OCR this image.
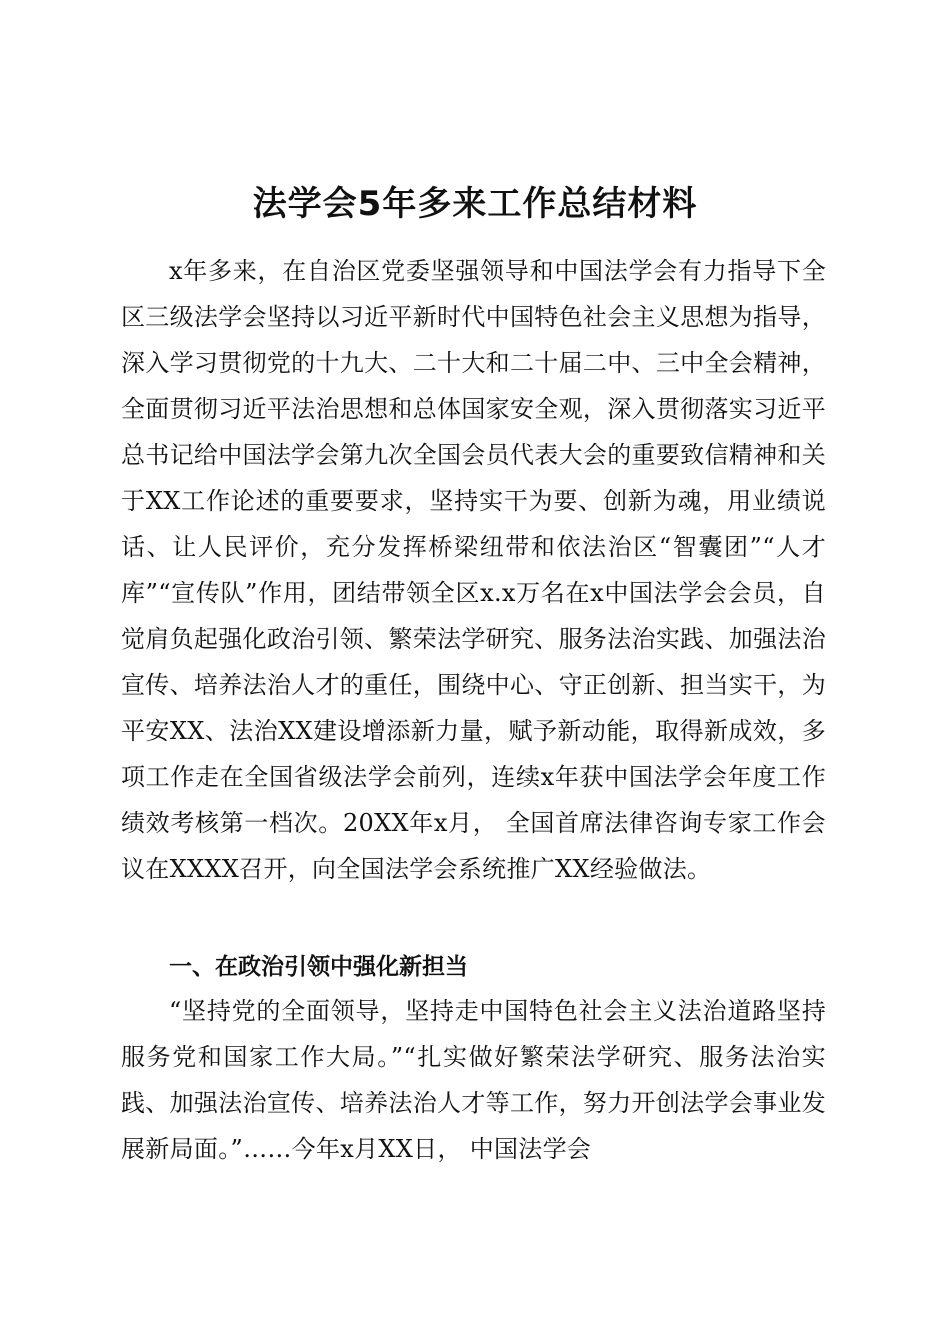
法学会5年多来工作总结材料

x年多来，在自治区党委坚强领导和中国法学会有力指导下全区三级法学会坚持以习近平新时代中国特色社会主义思想为指导， 深入学习贯彻党的十九大、二十大和二十届二中、三中全会精神，全面贯彻习近平法治思想和总体国家安全观，深入贯彻落实习近平总书记给中国法学会第九次全国会员代表大会的重要致信精神和关于XX工作论述的重要要求，坚持实干为要、创新为魂，用业绩说话、让人民评价，充分发挥桥梁纽带和依法治区“智囊团”“人才库”“宣传队”作用，团结带领全区x.x万名在x中国法学会会员，自觉肩负起强化政治引领、繁荣法学研究、服务法治实践、加强法治宣传、培养法治人才的重任，围绕中心、守正创新、担当实干，为平安XX、法治XX建设增添新力量，赋予新动能，取得新成效，多项工作走在全国省级法学会前列，连续x年获中国法学会年度工作绩效考核第一档次。20XX年x月， 全国首席法律咨询专家工作会议在XXXX召开，向全国法学会系统推广XX经验做法。

一、在政治引领中强化新担当

“坚持党的全面领导，坚持走中国特色社会主义法治道路坚持服务党和国家工作大局。”“扎实做好繁荣法学研究、服务法治实践、加强法治宣传、培养法治人才等工作，努力开创法学会事业发展新局面。”……今年x月XX日， 中国法学会
